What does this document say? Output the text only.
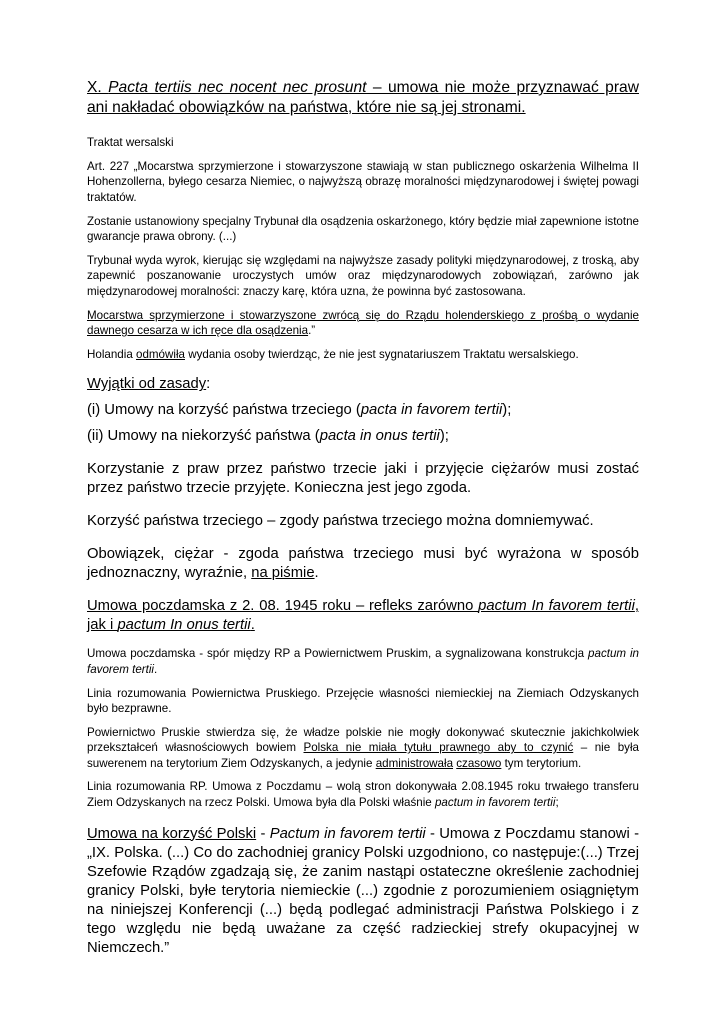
X. Pacta tertiis nec nocent nec prosunt – umowa nie może przyznawać praw ani nakładać obowiązków na państwa, które nie są jej stronami.

Traktat wersalski

Art. 227 „Mocarstwa sprzymierzone i stowarzyszone stawiają w stan publicznego oskarżenia Wilhelma II Hohenzollerna, byłego cesarza Niemiec, o najwyższą obrazę moralności międzynarodowej i świętej powagi traktatów.

Zostanie ustanowiony specjalny Trybunał dla osądzenia oskarżonego, który będzie miał zapewnione istotne gwarancje prawa obrony. (...)

Trybunał wyda wyrok, kierując się względami na najwyższe zasady polityki międzynarodowej, z troską, aby zapewnić poszanowanie uroczystych umów oraz międzynarodowych zobowiązań, zarówno jak międzynarodowej moralności: znaczy karę, która uzna, że powinna być zastosowana.

Mocarstwa sprzymierzone i stowarzyszone zwrócą się do Rządu holenderskiego z prośbą o wydanie dawnego cesarza w ich ręce dla osądzenia.”

Holandia odmówiła wydania osoby twierdząc, że nie jest sygnatariuszem Traktatu wersalskiego.

Wyjątki od zasady:

(i) Umowy na korzyść państwa trzeciego (pacta in favorem tertii);

(ii) Umowy na niekorzyść państwa (pacta in onus tertii);

Korzystanie z praw przez państwo trzecie jaki i przyjęcie ciężarów musi zostać przez państwo trzecie przyjęte. Konieczna jest jego zgoda.

Korzyść państwa trzeciego – zgody państwa trzeciego można domniemywać.

Obowiązek, ciężar - zgoda państwa trzeciego musi być wyrażona w sposób jednoznaczny, wyraźnie, na piśmie.

Umowa poczdamska z 2. 08. 1945 roku – refleks zarówno pactum In favorem tertii, jak i pactum In onus tertii.

Umowa poczdamska - spór między RP a Powiernictwem Pruskim, a sygnalizowana konstrukcja pactum in favorem tertii.

Linia rozumowania Powiernictwa Pruskiego. Przejęcie własności niemieckiej na Ziemiach Odzyskanych było bezprawne.

Powiernictwo Pruskie stwierdza się, że władze polskie nie mogły dokonywać skutecznie jakichkolwiek przekształceń własnościowych bowiem Polska nie miała tytułu prawnego aby to czynić – nie była suwerenem na terytorium Ziem Odzyskanych, a jedynie administrowała czasowo tym terytorium.

Linia rozumowania RP. Umowa z Poczdamu – wolą stron dokonywała 2.08.1945 roku trwałego transferu Ziem Odzyskanych na rzecz Polski. Umowa była dla Polski właśnie pactum in favorem tertii;

Umowa na korzyść Polski - Pactum in favorem tertii - Umowa z Poczdamu stanowi - „IX. Polska. (...) Co do zachodniej granicy Polski uzgodniono, co następuje:(...) Trzej Szefowie Rządów zgadzają się, że zanim nastąpi ostateczne określenie zachodniej granicy Polski, byłe terytoria niemieckie (...) zgodnie z porozumieniem osiągniętym na niniejszej Konferencji (...) będą podlegać administracji Państwa Polskiego i z tego względu nie będą uważane za część radzieckiej strefy okupacyjnej w Niemczech.”
